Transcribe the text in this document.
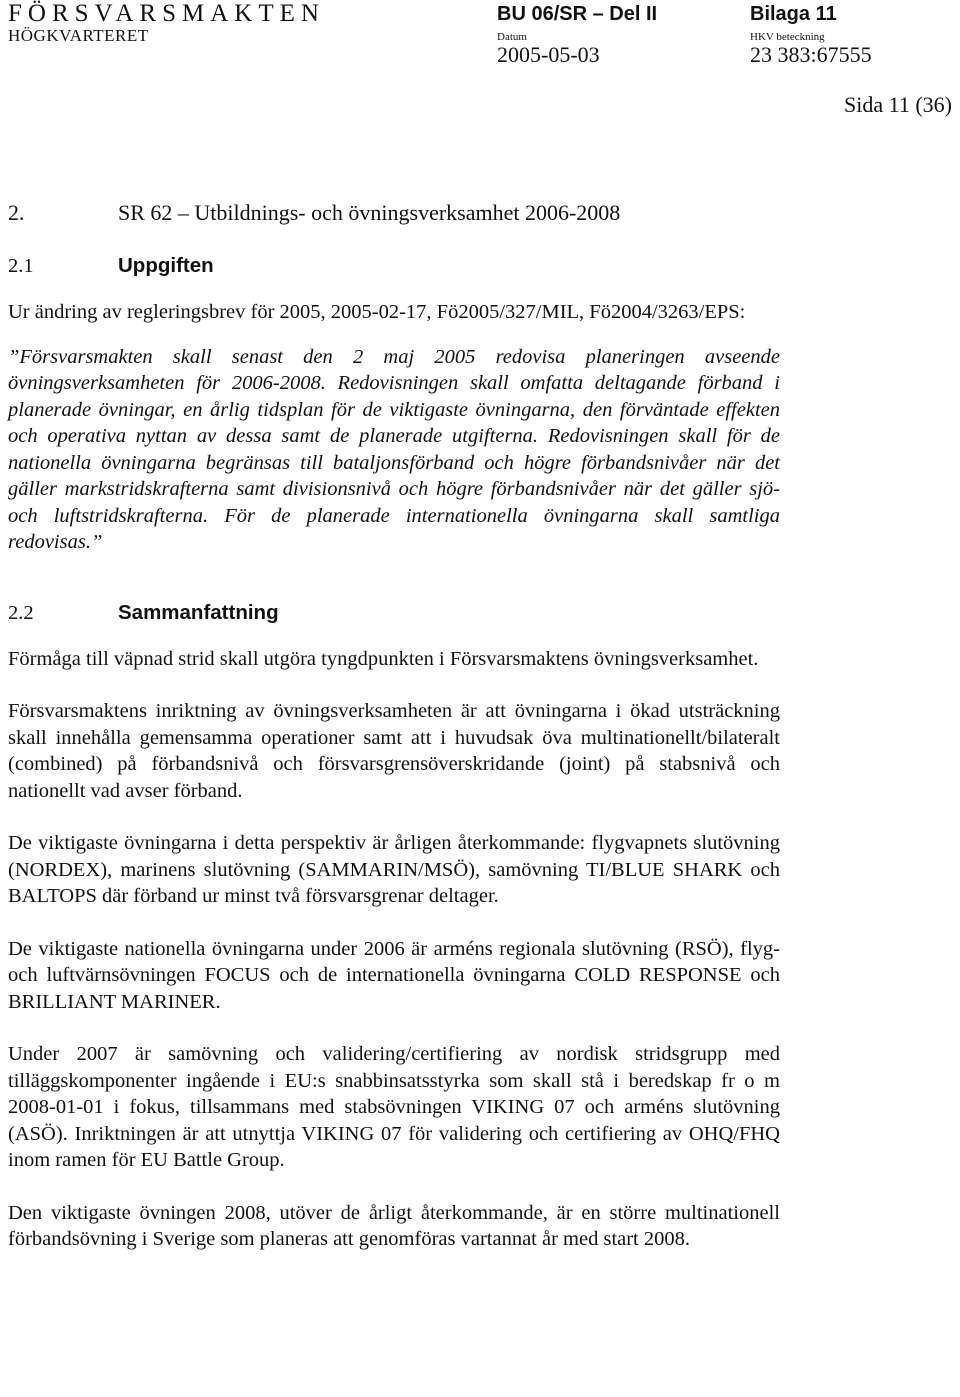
FÖRSVARSMAKTEN
HÖGKVARTERET
BU 06/SR – Del II	Bilaga 11
Datum
2005-05-03
HKV beteckning
23 383:67555
Sida 11 (36)
2.	SR 62 – Utbildnings- och övningsverksamhet 2006-2008
2.1	Uppgiften

Ur ändring av regleringsbrev för 2005, 2005-02-17, Fö2005/327/MIL, Fö2004/3263/EPS:

”Försvarsmakten skall senast den 2 maj 2005 redovisa planeringen avseende övningsverksamheten för 2006-2008. Redovisningen skall omfatta deltagande förband i planerade övningar, en årlig tidsplan för de viktigaste övningarna, den förväntade effekten och operativa nyttan av dessa samt de planerade utgifterna. Redovisningen skall för de nationella övningarna begränsas till bataljonsförband och högre förbandsnivåer när det gäller markstridskrafterna samt divisionsnivå och högre förbandsnivåer när det gäller sjö- och luftstridskrafterna. För de planerade internationella övningarna skall samtliga redovisas.”

2.2	Sammanfattning

Förmåga till väpnad strid skall utgöra tyngdpunkten i Försvarsmaktens övningsverksamhet.

Försvarsmaktens inriktning av övningsverksamheten är att övningarna i ökad utsträckning skall innehålla gemensamma operationer samt att i huvudsak öva multinationellt/bilateralt (combined) på förbandsnivå och försvarsgrensöverskridande (joint) på stabsnivå och nationellt vad avser förband.

De viktigaste övningarna i detta perspektiv är årligen återkommande: flygvapnets slutövning (NORDEX), marinens slutövning (SAMMARIN/MSÖ), samövning TI/BLUE SHARK och BALTOPS där förband ur minst två försvarsgrenar deltager.

De viktigaste nationella övningarna under 2006 är arméns regionala slutövning (RSÖ), flyg- och luftvärnsövningen FOCUS och de internationella övningarna COLD RESPONSE och BRILLIANT MARINER.

Under 2007 är samövning och validering/certifiering av nordisk stridsgrupp med tilläggskomponenter ingående i EU:s snabbinsatsstyrka som skall stå i beredskap fr o m 2008-01-01 i fokus, tillsammans med stabsövningen VIKING 07 och arméns slutövning (ASÖ). Inriktningen är att utnyttja VIKING 07 för validering och certifiering av OHQ/FHQ inom ramen för EU Battle Group.

Den viktigaste övningen 2008, utöver de årligt återkommande, är en större multinationell förbandsövning i Sverige som planeras att genomföras vartannat år med start 2008.
